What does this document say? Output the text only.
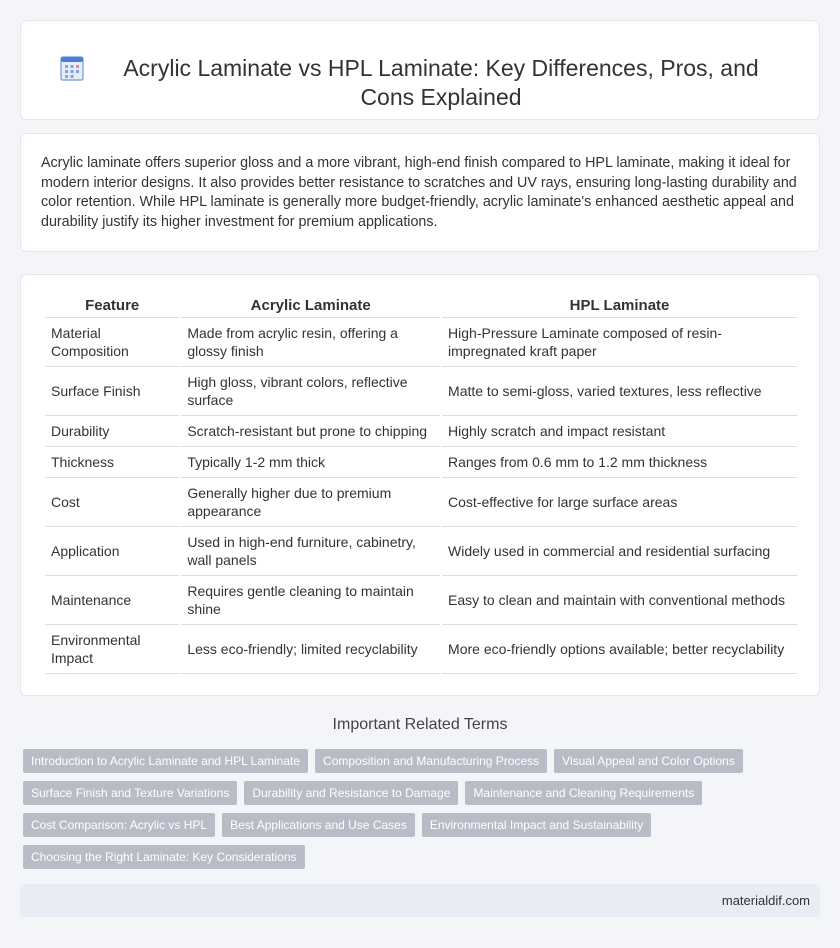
Acrylic Laminate vs HPL Laminate: Key Differences, Pros, and Cons Explained

Acrylic laminate offers superior gloss and a more vibrant, high-end finish compared to HPL laminate, making it ideal for modern interior designs. It also provides better resistance to scratches and UV rays, ensuring long-lasting durability and color retention. While HPL laminate is generally more budget-friendly, acrylic laminate's enhanced aesthetic appeal and durability justify its higher investment for premium applications.

Feature	Acrylic Laminate	HPL Laminate
Material Composition	Made from acrylic resin, offering a glossy finish	High-Pressure Laminate composed of resin-impregnated kraft paper
Surface Finish	High gloss, vibrant colors, reflective surface	Matte to semi-gloss, varied textures, less reflective
Durability	Scratch-resistant but prone to chipping	Highly scratch and impact resistant
Thickness	Typically 1-2 mm thick	Ranges from 0.6 mm to 1.2 mm thickness
Cost	Generally higher due to premium appearance	Cost-effective for large surface areas
Application	Used in high-end furniture, cabinetry, wall panels	Widely used in commercial and residential surfacing
Maintenance	Requires gentle cleaning to maintain shine	Easy to clean and maintain with conventional methods
Environmental Impact	Less eco-friendly; limited recyclability	More eco-friendly options available; better recyclability
Important Related Terms
Introduction to Acrylic Laminate and HPL Laminate	Composition and Manufacturing Process	Visual Appeal and Color Options
Surface Finish and Texture Variations	Durability and Resistance to Damage	Maintenance and Cleaning Requirements
Cost Comparison: Acrylic vs HPL	Best Applications and Use Cases	Environmental Impact and Sustainability
Choosing the Right Laminate: Key Considerations
materialdif.com
